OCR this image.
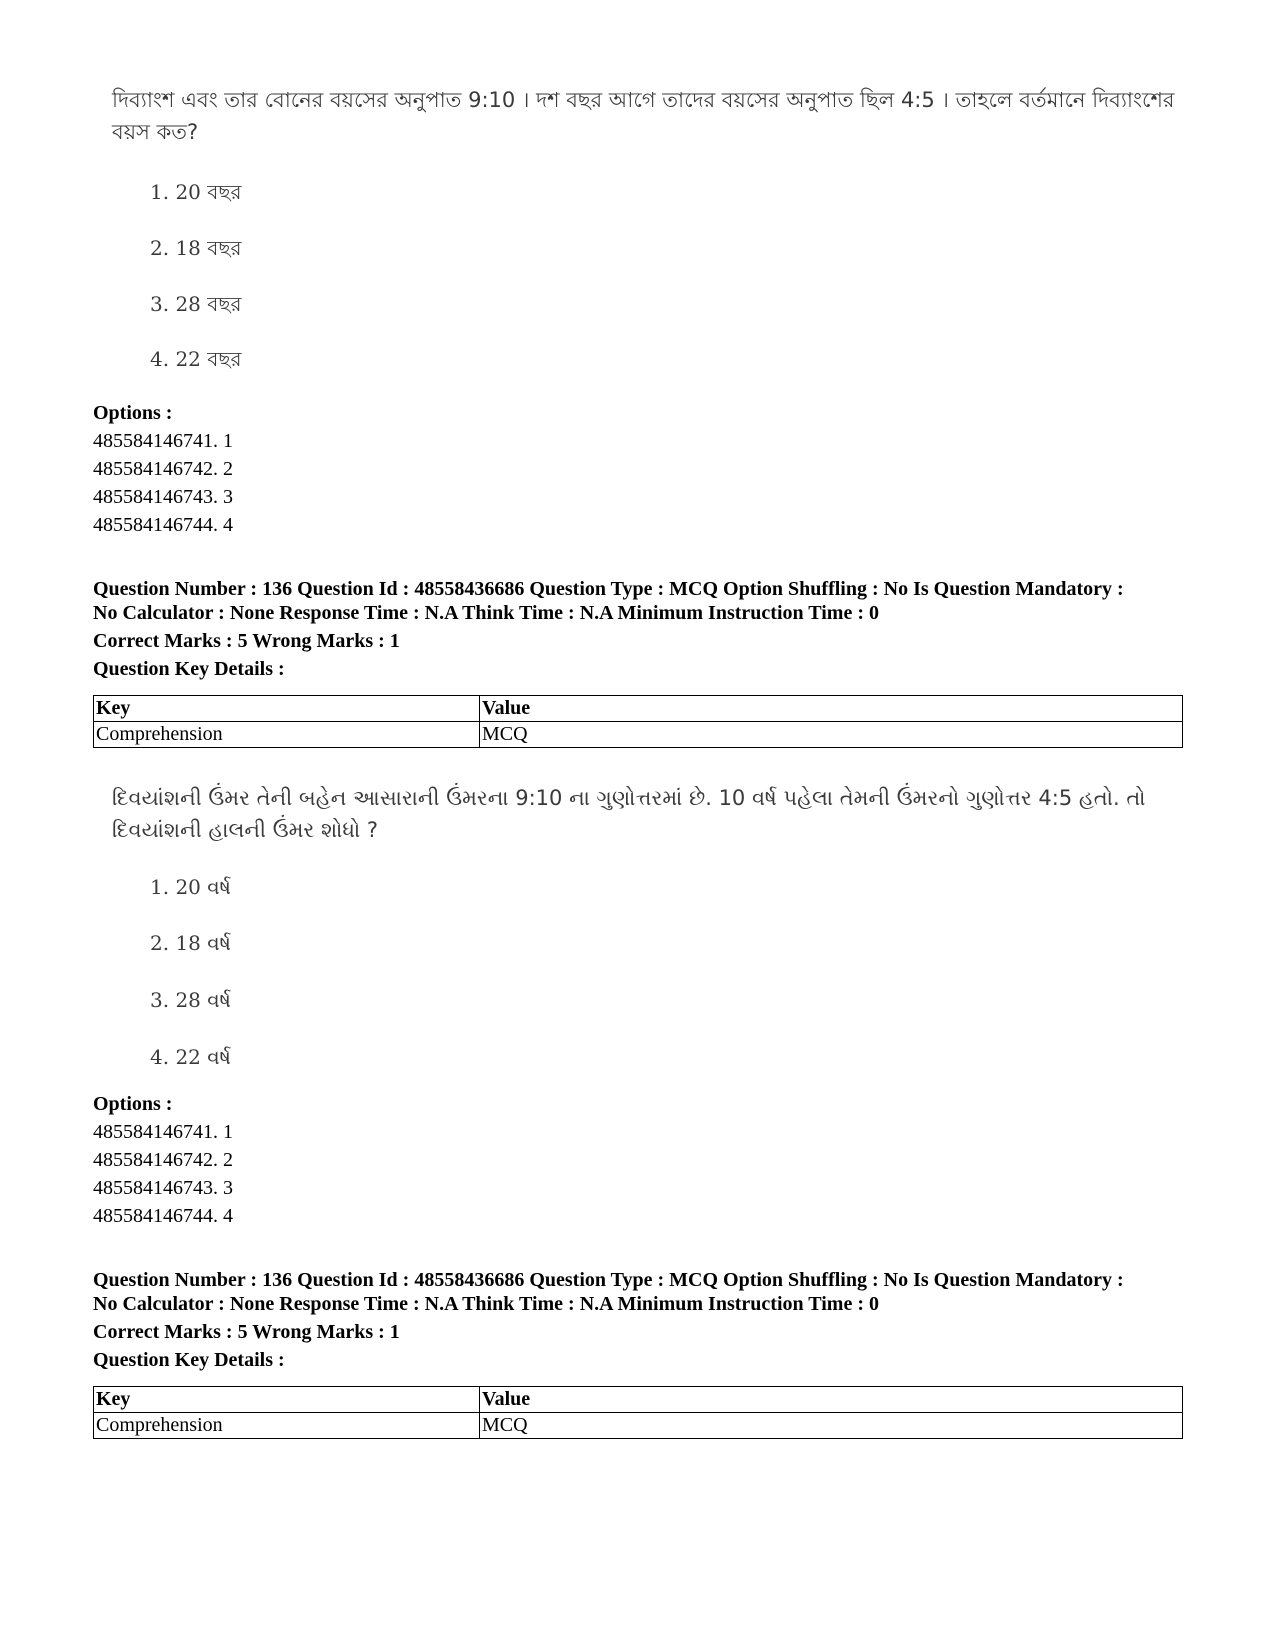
দিব্যাংশ এবং তার বোনের বয়সের অনুপাত 9:10 । দশ বছর আগে তাদের বয়সের অনুপাত ছিল 4:5 । তাহলে বর্তমানে দিব্যাংশের বয়স কত?
1. 20 বছর
2. 18 বছর
3. 28 বছর
4. 22 বছর
Options :
485584146741. 1
485584146742. 2
485584146743. 3
485584146744. 4
Question Number : 136 Question Id : 48558436686 Question Type : MCQ Option Shuffling : No Is Question Mandatory :
No Calculator : None Response Time : N.A Think Time : N.A Minimum Instruction Time : 0
Correct Marks : 5 Wrong Marks : 1
Question Key Details :
Key	Value
Comprehension	MCQ
દિવયાંશની ઉંમર તેની બહેન આસારાની ઉંમરના 9:10 ના ગુણોત્તરમાં છે. 10 વર્ષ પહેલા તેમની ઉંમરનો ગુણોત્તર 4:5 હતો. તો દિવયાંશની હાલની ઉંમર શોધો ?
1. 20 વર્ષ
2. 18 વર્ષ
3. 28 વર્ષ
4. 22 વર્ષ
Options :
485584146741. 1
485584146742. 2
485584146743. 3
485584146744. 4
Question Number : 136 Question Id : 48558436686 Question Type : MCQ Option Shuffling : No Is Question Mandatory :
No Calculator : None Response Time : N.A Think Time : N.A Minimum Instruction Time : 0
Correct Marks : 5 Wrong Marks : 1
Question Key Details :
Key	Value
Comprehension	MCQ
